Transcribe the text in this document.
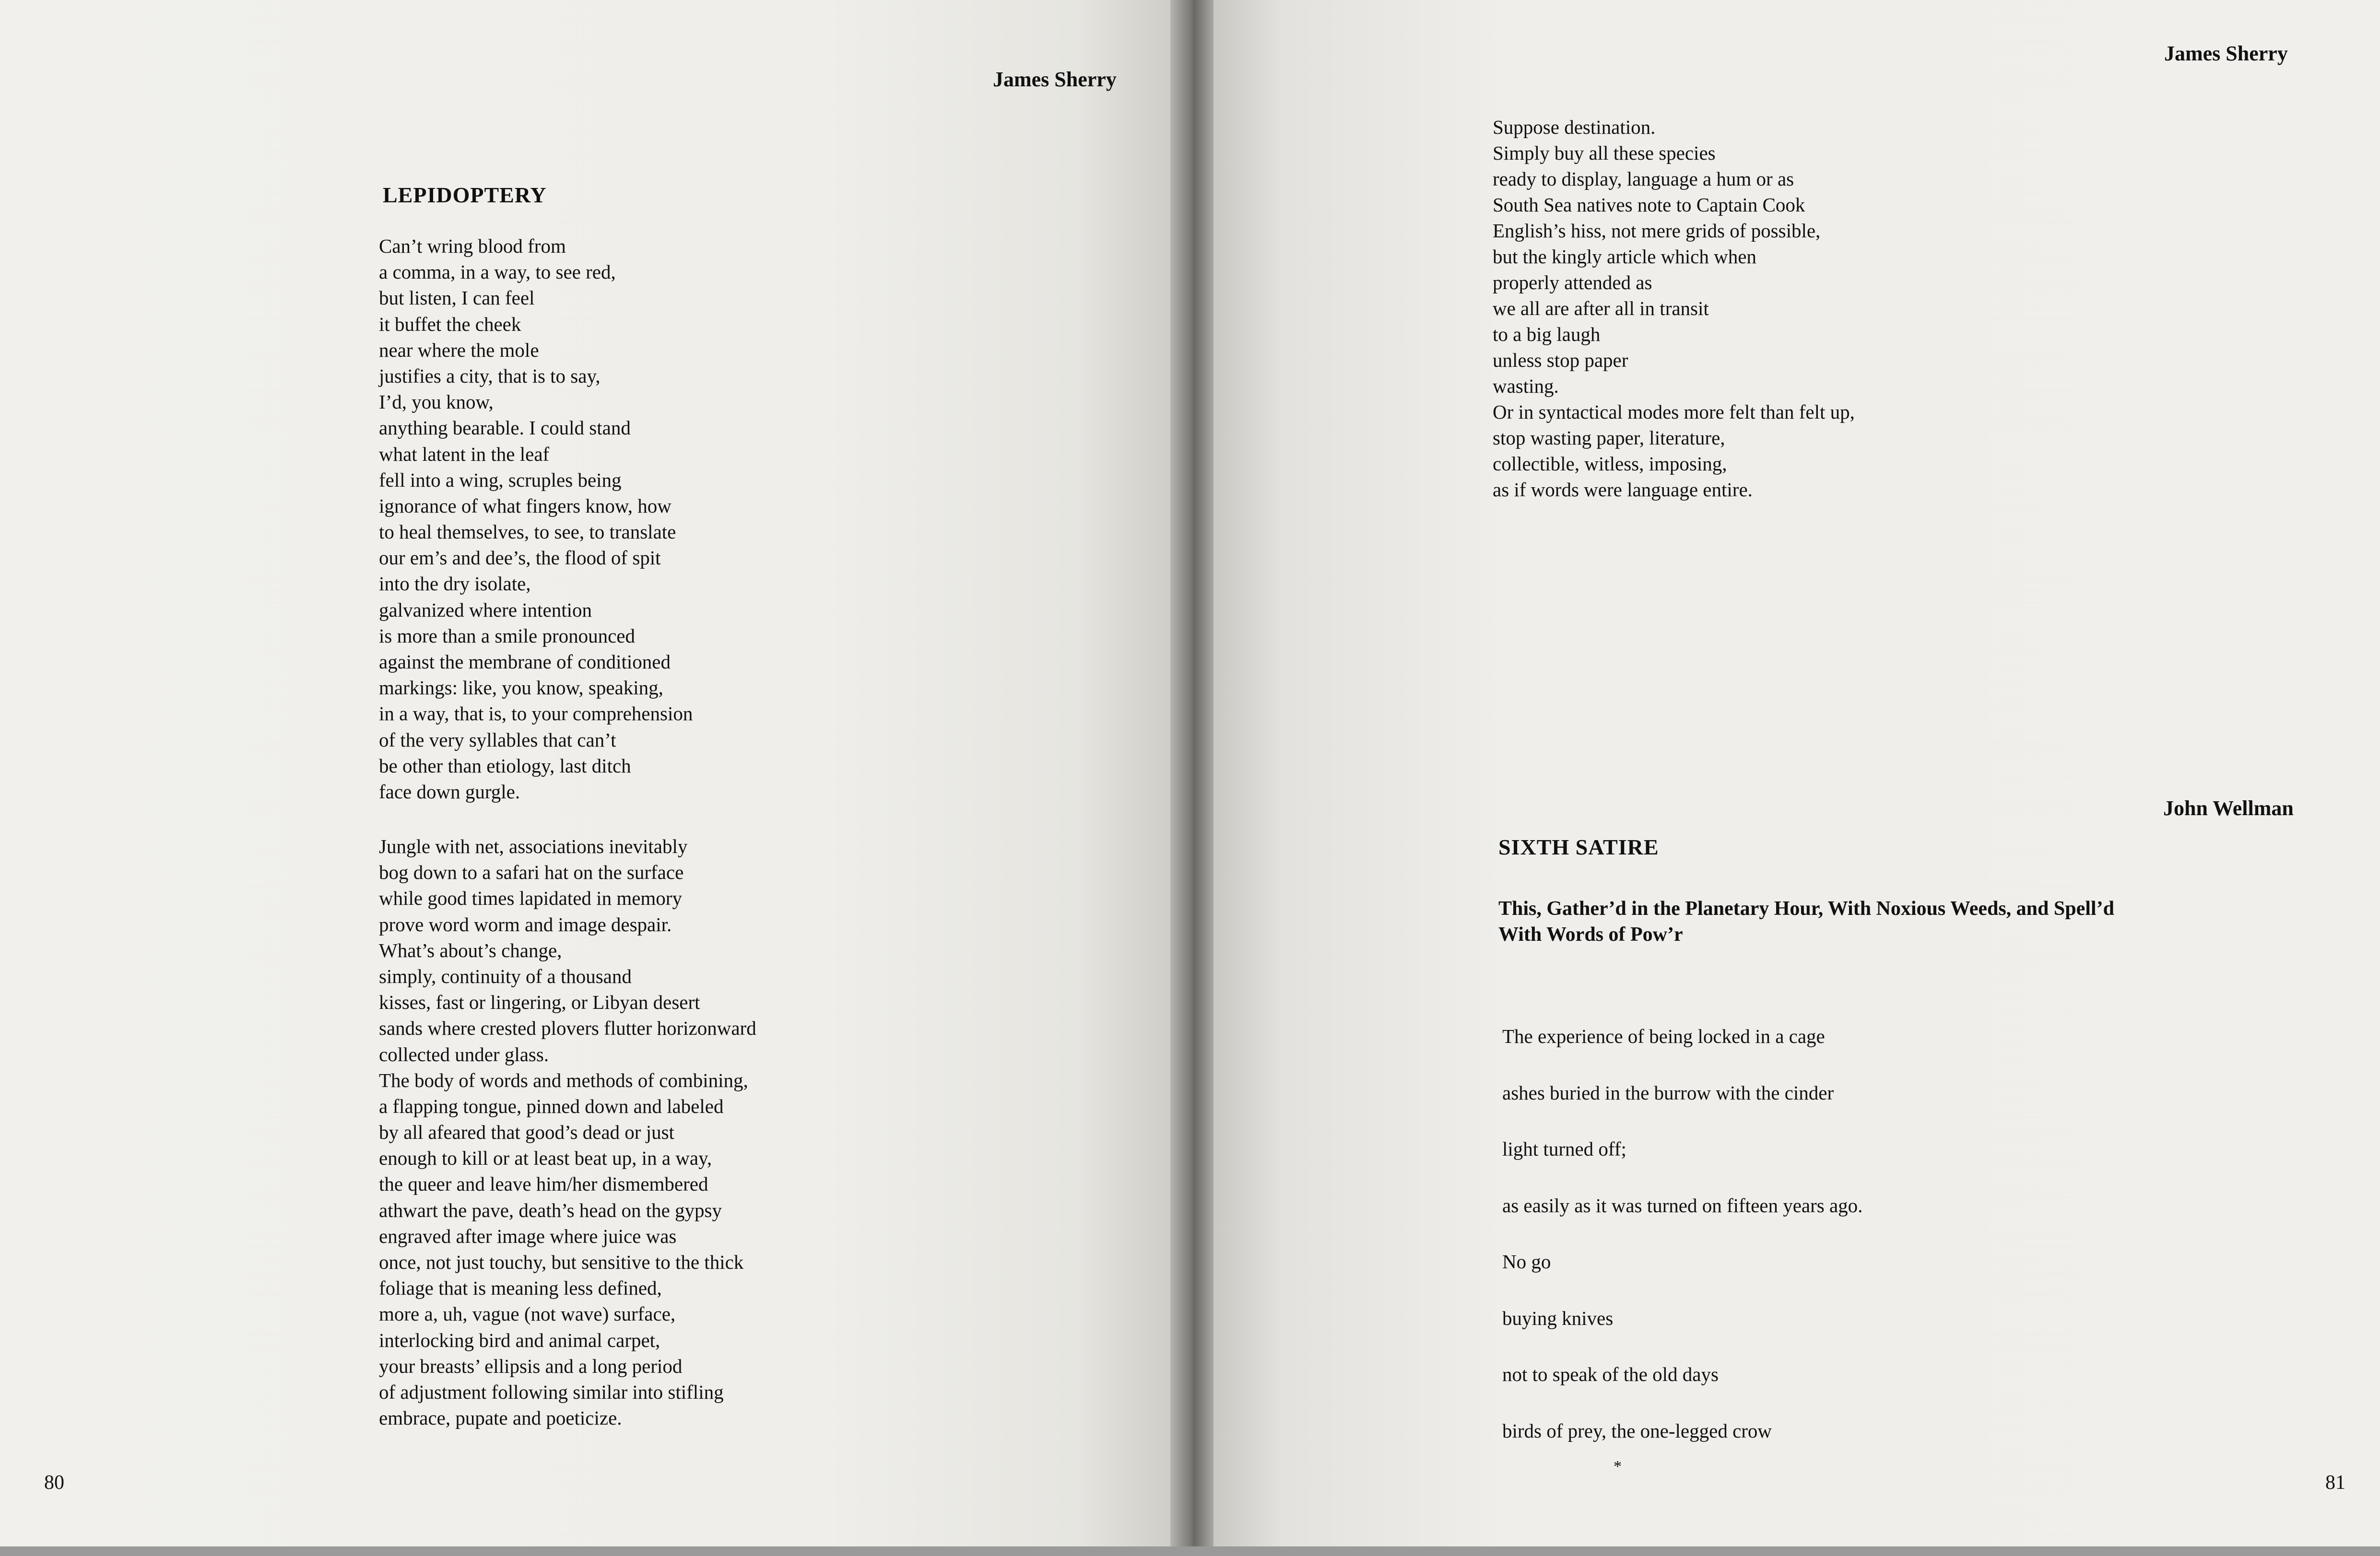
James Sherry
LEPIDOPTERY
Can’t wring blood from
a comma, in a way, to see red,
but listen, I can feel
it buffet the cheek
near where the mole
justifies a city, that is to say,
I’d, you know,
anything bearable. I could stand
what latent in the leaf
fell into a wing, scruples being
ignorance of what fingers know, how
to heal themselves, to see, to translate
our em’s and dee’s, the flood of spit
into the dry isolate,
galvanized where intention
is more than a smile pronounced
against the membrane of conditioned
markings: like, you know, speaking,
in a way, that is, to your comprehension
of the very syllables that can’t
be other than etiology, last ditch
face down gurgle.
Jungle with net, associations inevitably
bog down to a safari hat on the surface
while good times lapidated in memory
prove word worm and image despair.
What’s about’s change,
simply, continuity of a thousand
kisses, fast or lingering, or Libyan desert
sands where crested plovers flutter horizonward
collected under glass.
The body of words and methods of combining,
a flapping tongue, pinned down and labeled
by all afeared that good’s dead or just
enough to kill or at least beat up, in a way,
the queer and leave him/her dismembered
athwart the pave, death’s head on the gypsy
engraved after image where juice was
once, not just touchy, but sensitive to the thick
foliage that is meaning less defined,
more a, uh, vague (not wave) surface,
interlocking bird and animal carpet,
your breasts’ ellipsis and a long period
of adjustment following similar into stifling
embrace, pupate and poeticize.
80
James Sherry
Suppose destination.
Simply buy all these species
ready to display, language a hum or as
South Sea natives note to Captain Cook
English’s hiss, not mere grids of possible,
but the kingly article which when
properly attended as
we all are after all in transit
to a big laugh
unless stop paper
wasting.
Or in syntactical modes more felt than felt up,
stop wasting paper, literature,
collectible, witless, imposing,
as if words were language entire.
John Wellman
SIXTH SATIRE
This, Gather’d in the Planetary Hour, With Noxious Weeds, and Spell’d With Words of Pow’r
The experience of being locked in a cage
ashes buried in the burrow with the cinder
light turned off;
as easily as it was turned on fifteen years ago.
No go
buying knives
not to speak of the old days
birds of prey, the one-legged crow
*
81
